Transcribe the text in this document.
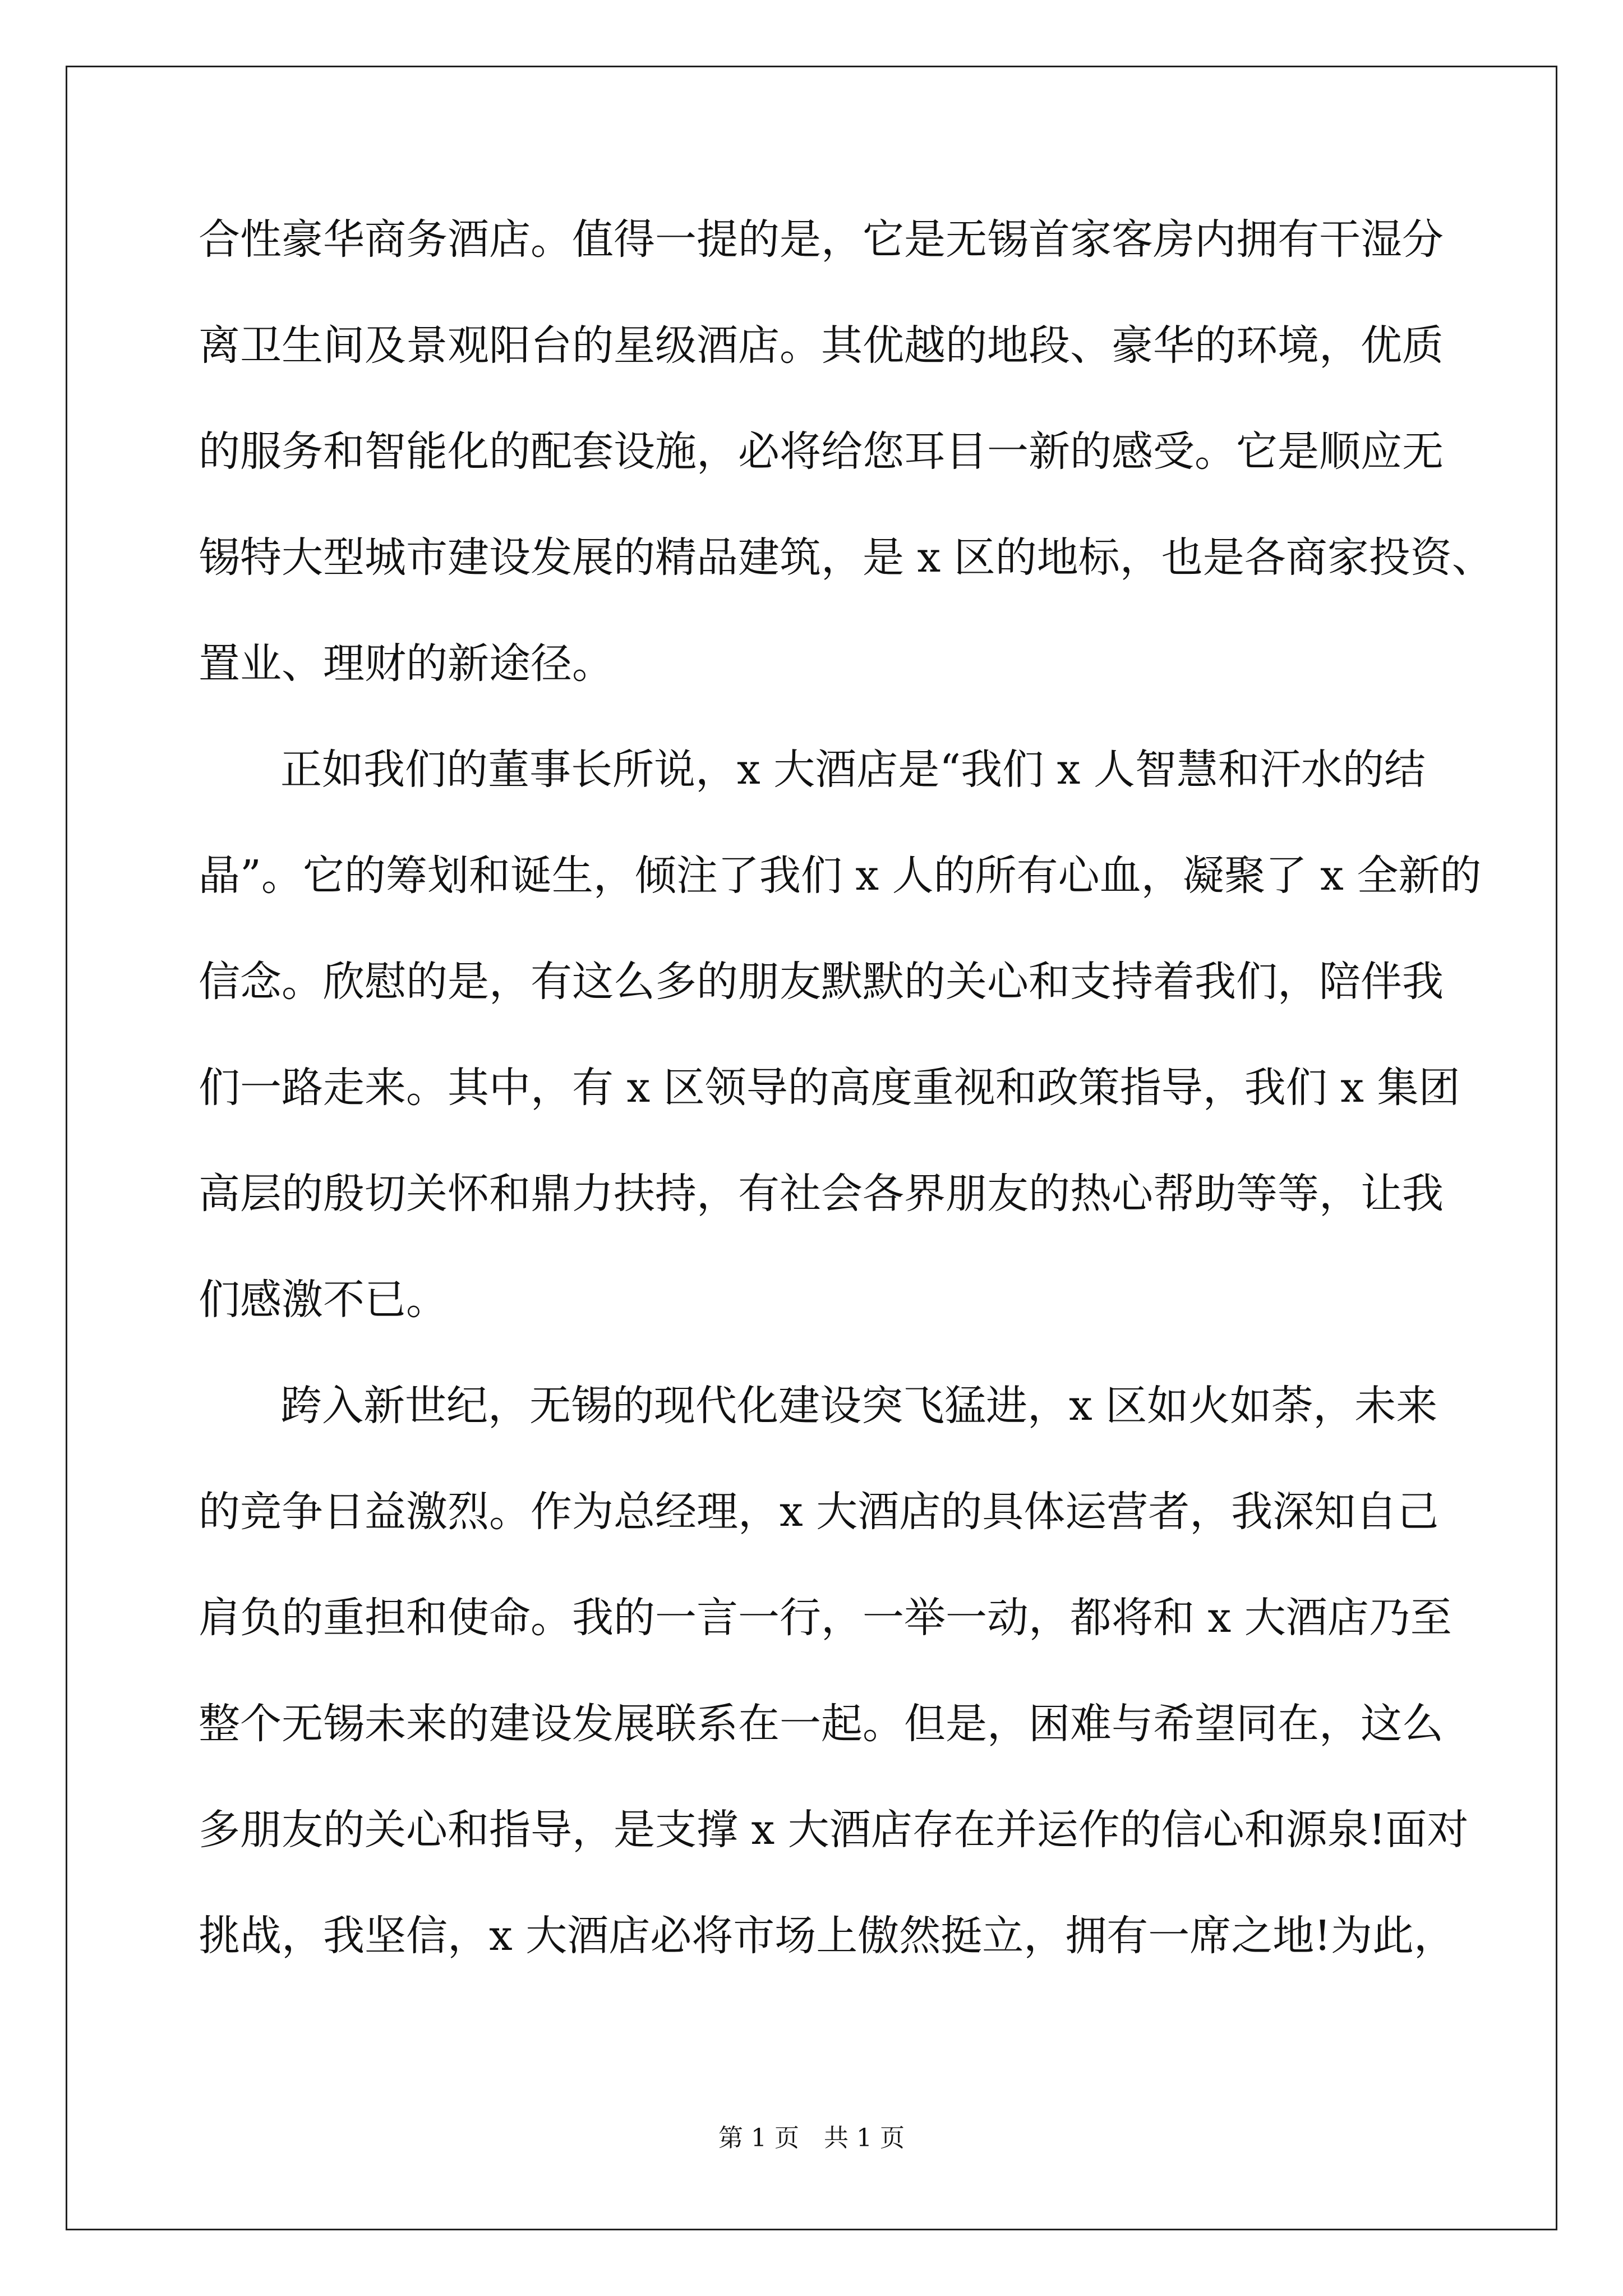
合性豪华商务酒店。值得一提的是，它是无锡首家客房内拥有干湿分
离卫生间及景观阳台的星级酒店。其优越的地段、豪华的环境，优质
的服务和智能化的配套设施，必将给您耳目一新的感受。它是顺应无
锡特大型城市建设发展的精品建筑，是 x 区的地标，也是各商家投资、
置业、理财的新途径。
正如我们的董事长所说，x 大酒店是“我们 x 人智慧和汗水的结
晶”。它的筹划和诞生，倾注了我们 x 人的所有心血，凝聚了 x 全新的
信念。欣慰的是，有这么多的朋友默默的关心和支持着我们，陪伴我
们一路走来。其中，有 x 区领导的高度重视和政策指导，我们 x 集团
高层的殷切关怀和鼎力扶持，有社会各界朋友的热心帮助等等，让我
们感激不已。
跨入新世纪，无锡的现代化建设突飞猛进，x 区如火如荼，未来
的竞争日益激烈。作为总经理，x 大酒店的具体运营者，我深知自己
肩负的重担和使命。我的一言一行，一举一动，都将和 x 大酒店乃至
整个无锡未来的建设发展联系在一起。但是，困难与希望同在，这么
多朋友的关心和指导，是支撑 x 大酒店存在并运作的信心和源泉!面对
挑战，我坚信，x 大酒店必将市场上傲然挺立，拥有一席之地!为此，
第 1 页 共 1 页
